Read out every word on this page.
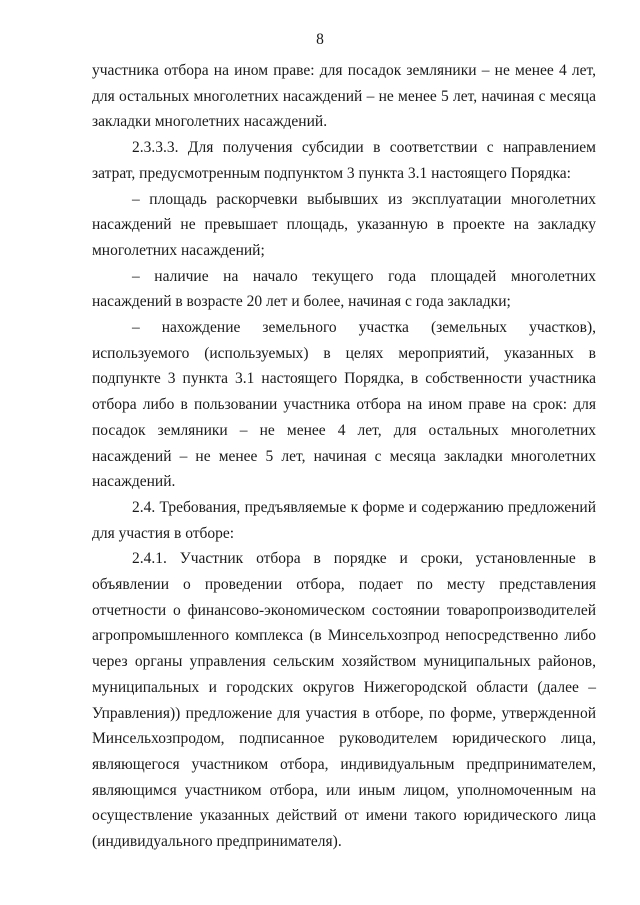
8

участника отбора на ином праве: для посадок земляники – не менее 4 лет, для остальных многолетних насаждений – не менее 5 лет, начиная с месяца закладки многолетних насаждений.

2.3.3.3. Для получения субсидии в соответствии с направлением затрат, предусмотренным подпунктом 3 пункта 3.1 настоящего Порядка:

– площадь раскорчевки выбывших из эксплуатации многолетних насаждений не превышает площадь, указанную в проекте на закладку многолетних насаждений;

– наличие на начало текущего года площадей многолетних насаждений в возрасте 20 лет и более, начиная с года закладки;

– нахождение земельного участка (земельных участков), используемого (используемых) в целях мероприятий, указанных в подпункте 3 пункта 3.1 настоящего Порядка, в собственности участника отбора либо в пользовании участника отбора на ином праве на срок: для посадок земляники – не менее 4 лет, для остальных многолетних насаждений – не менее 5 лет, начиная с месяца закладки многолетних насаждений.

2.4. Требования, предъявляемые к форме и содержанию предложений для участия в отборе:

2.4.1. Участник отбора в порядке и сроки, установленные в объявлении о проведении отбора, подает по месту представления отчетности о финансово-экономическом состоянии товаропроизводителей агропромышленного комплекса (в Минсельхозпрод непосредственно либо через органы управления сельским хозяйством муниципальных районов, муниципальных и городских округов Нижегородской области (далее – Управления)) предложение для участия в отборе, по форме, утвержденной Минсельхозпродом, подписанное руководителем юридического лица, являющегося участником отбора, индивидуальным предпринимателем, являющимся участником отбора, или иным лицом, уполномоченным на осуществление указанных действий от имени такого юридического лица (индивидуального предпринимателя).
